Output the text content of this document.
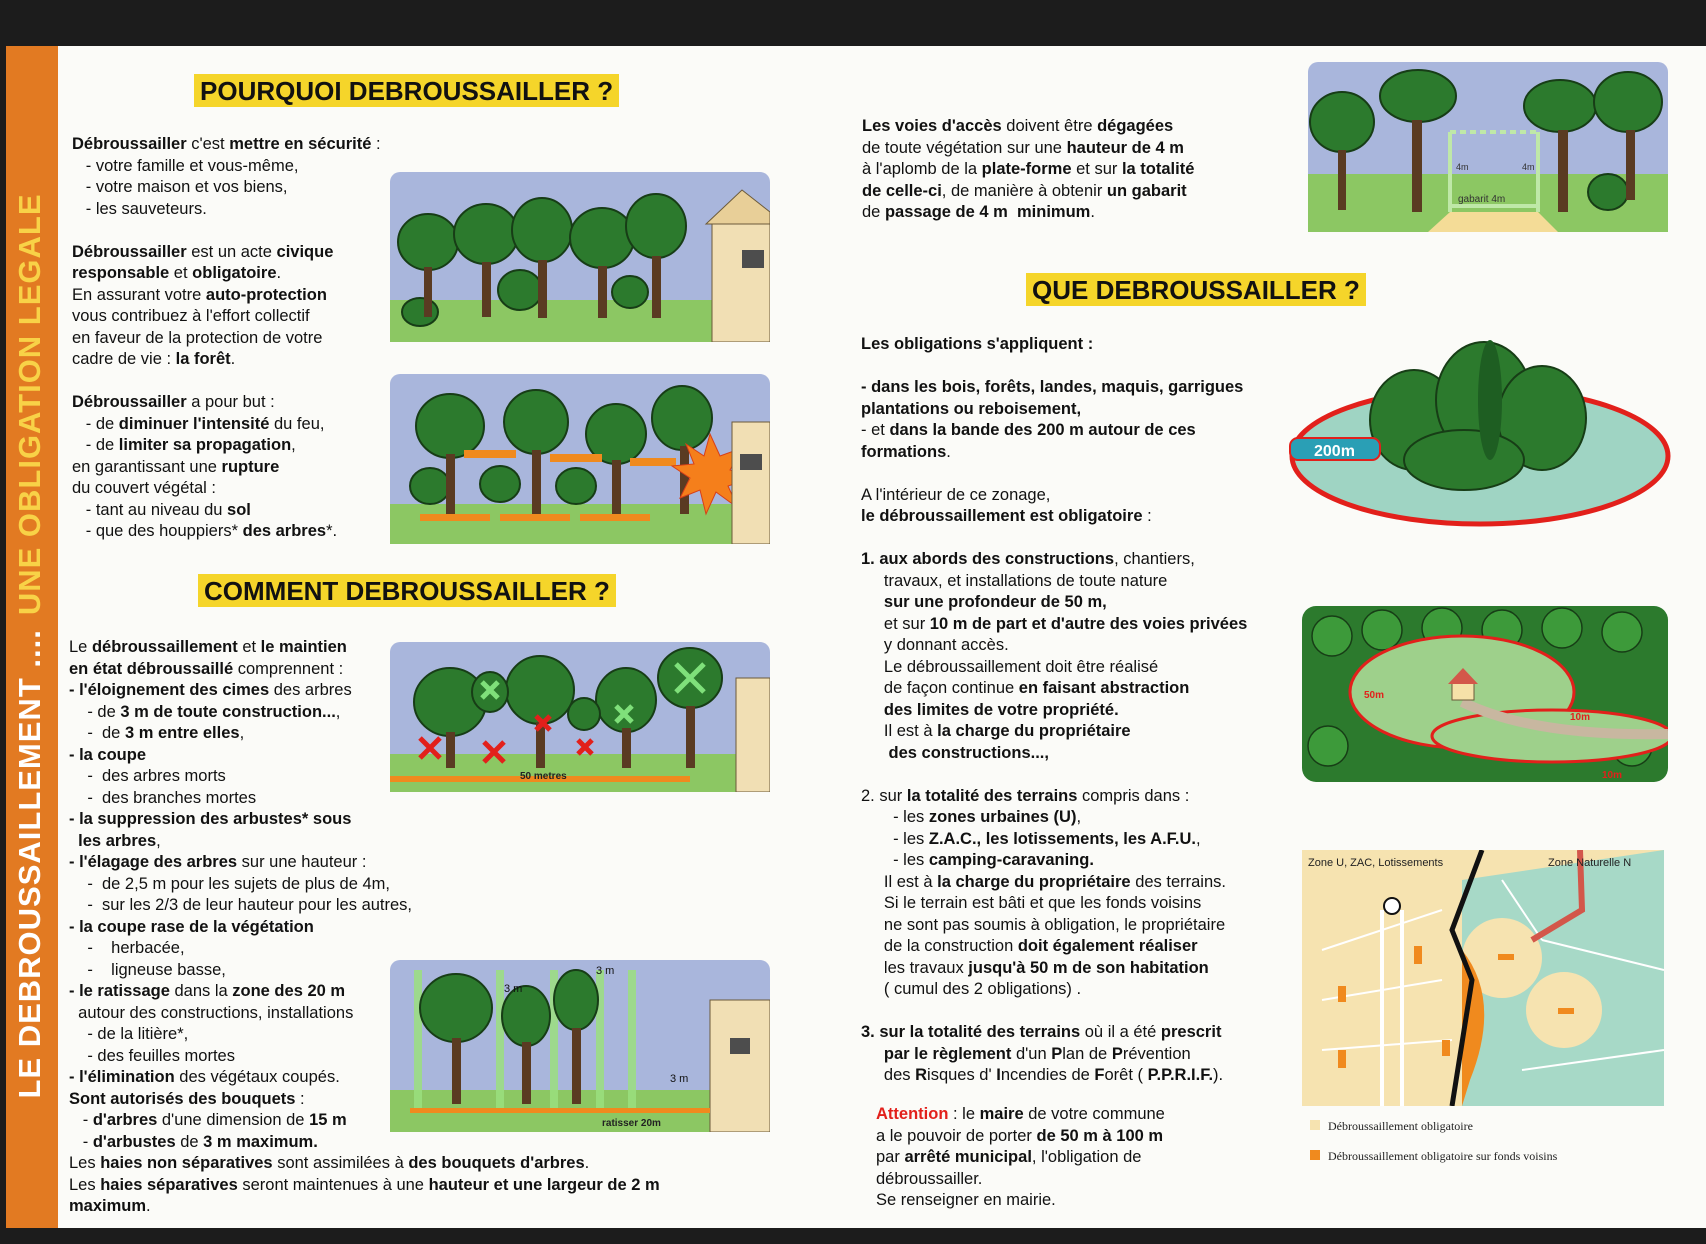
LE DEBROUSSAILLEMENT ....UNE OBLIGATION LEGALE
POURQUOI DEBROUSSAILLER ?
COMMENT DEBROUSSAILLER ?
QUE DEBROUSSAILLER ?
Débroussailler c'est mettre en sécurité :
- votre famille et vous-même,
- votre maison et vos biens,
- les sauveteurs.

Débroussailler est un acte civique
responsable et obligatoire.
En assurant votre auto-protection
vous contribuez à l'effort collectif
en faveur de la protection de votre
cadre de vie : la forêt.

Débroussailler a pour but :
- de diminuer l'intensité du feu,
- de limiter sa propagation,
en garantissant une rupture
du couvert végétal :
- tant au niveau du sol
- que des houppiers* des arbres*.
Le débroussaillement et le maintien
en état débroussaillé comprennent :
- l'éloignement des cimes des arbres
- de 3 m de toute construction...,
-  de 3 m entre elles,
- la coupe
-  des arbres morts
-  des branches mortes
- la suppression des arbustes* sous
les arbres,
- l'élagage des arbres sur une hauteur :
-  de 2,5 m pour les sujets de plus de 4m,
-  sur les 2/3 de leur hauteur pour les autres,
- la coupe rase de la végétation
-    herbacée,
-    ligneuse basse,
- le ratissage dans la zone des 20 m
autour des constructions, installations
- de la litière*,
- des feuilles mortes
- l'élimination des végétaux coupés.
Sont autorisés des bouquets :
- d'arbres d'une dimension de 15 m
- d'arbustes de 3 m maximum.
Les haies non séparatives sont assimilées à des bouquets d'arbres.
Les haies séparatives seront maintenues à une hauteur et une largeur de 2 m
maximum.
Les voies d'accès doivent être dégagées
de toute végétation sur une hauteur de 4 m
à l'aplomb de la plate-forme et sur la totalité
de celle-ci, de manière à obtenir un gabarit
de passage de 4 m  minimum.
Les obligations s'appliquent :

- dans les bois, forêts, landes, maquis, garrigues
plantations ou reboisement,
- et dans la bande des 200 m autour de ces
formations.

A l'intérieur de ce zonage,
le débroussaillement est obligatoire :

1. aux abords des constructions, chantiers,
travaux, et installations de toute nature
sur une profondeur de 50 m,
et sur 10 m de part et d'autre des voies privées
y donnant accès.
Le débroussaillement doit être réalisé
de façon continue en faisant abstraction
des limites de votre propriété.
Il est à la charge du propriétaire
des constructions...,

2. sur la totalité des terrains compris dans :
- les zones urbaines (U),
- les Z.A.C., les lotissements, les A.F.U.,
- les camping-caravaning.
Il est à la charge du propriétaire des terrains.
Si le terrain est bâti et que les fonds voisins
ne sont pas soumis à obligation, le propriétaire
de la construction doit également réaliser
les travaux jusqu'à 50 m de son habitation
( cumul des 2 obligations) .

3. sur la totalité des terrains où il a été prescrit
par le règlement d'un Plan de Prévention
des Risques d' Incendies de Forêt ( P.P.R.I.F.).
Attention : le maire de votre commune
a le pouvoir de porter de 50 m à 100 m
par arrêté municipal, l'obligation de
débroussailler.
Se renseigner en mairie.
50 metres
3 m
3 m
3 m
ratisser 20m
gabarit 4m
4m	4m
200m
50m
10m
10m
Zone U, ZAC, Lotissements	Zone Naturelle N
Débroussaillement obligatoire
Débroussaillement obligatoire sur fonds voisins
